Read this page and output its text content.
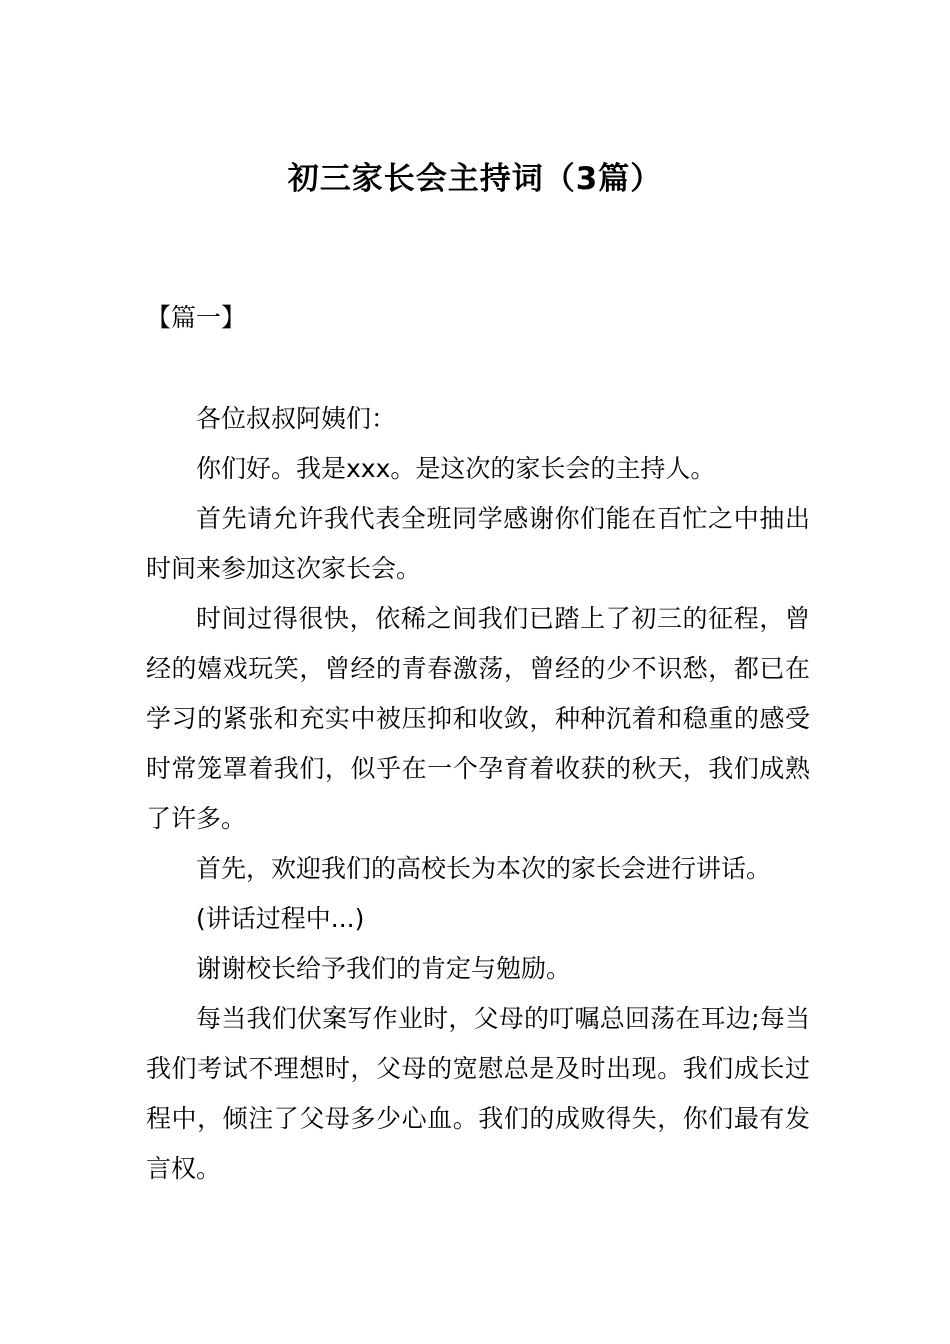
初三家长会主持词（3篇）
【篇一】

各位叔叔阿姨们：

你们好。我是xxx。是这次的家长会的主持人。

首先请允许我代表全班同学感谢你们能在百忙之中抽出时间来参加这次家长会。

时间过得很快，依稀之间我们已踏上了初三的征程，曾经的嬉戏玩笑，曾经的青春激荡，曾经的少不识愁，都已在学习的紧张和充实中被压抑和收敛，种种沉着和稳重的感受时常笼罩着我们，似乎在一个孕育着收获的秋天，我们成熟了许多。

首先，欢迎我们的高校长为本次的家长会进行讲话。

(讲话过程中...)

谢谢校长给予我们的肯定与勉励。

每当我们伏案写作业时，父母的叮嘱总回荡在耳边;每当我们考试不理想时，父母的宽慰总是及时出现。我们成长过程中，倾注了父母多少心血。我们的成败得失，你们最有发言权。
